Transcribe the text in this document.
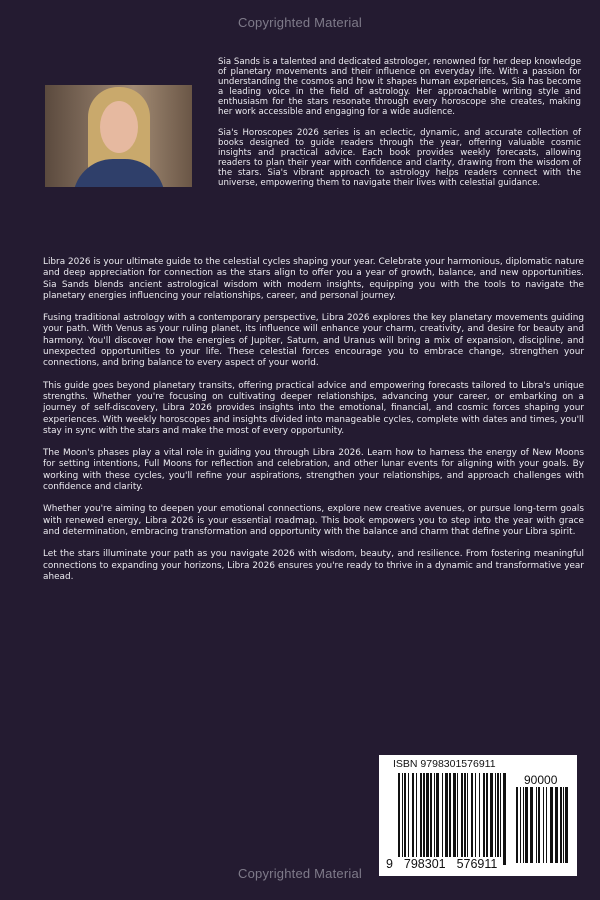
Copyrighted Material

Sia Sands is a talented and dedicated astrologer, renowned for her deep knowledge of planetary movements and their influence on everyday life. With a passion for understanding the cosmos and how it shapes human experiences, Sia has become a leading voice in the field of astrology. Her approachable writing style and enthusiasm for the stars resonate through every horoscope she creates, making her work accessible and engaging for a wide audience.

Sia's Horoscopes 2026 series is an eclectic, dynamic, and accurate collection of books designed to guide readers through the year, offering valuable cosmic insights and practical advice. Each book provides weekly forecasts, allowing readers to plan their year with confidence and clarity, drawing from the wisdom of the stars. Sia's vibrant approach to astrology helps readers connect with the universe, empowering them to navigate their lives with celestial guidance.

Libra 2026 is your ultimate guide to the celestial cycles shaping your year. Celebrate your harmonious, diplomatic nature and deep appreciation for connection as the stars align to offer you a year of growth, balance, and new opportunities. Sia Sands blends ancient astrological wisdom with modern insights, equipping you with the tools to navigate the planetary energies influencing your relationships, career, and personal journey.

Fusing traditional astrology with a contemporary perspective, Libra 2026 explores the key planetary movements guiding your path. With Venus as your ruling planet, its influence will enhance your charm, creativity, and desire for beauty and harmony. You'll discover how the energies of Jupiter, Saturn, and Uranus will bring a mix of expansion, discipline, and unexpected opportunities to your life. These celestial forces encourage you to embrace change, strengthen your connections, and bring balance to every aspect of your world.

This guide goes beyond planetary transits, offering practical advice and empowering forecasts tailored to Libra's unique strengths. Whether you're focusing on cultivating deeper relationships, advancing your career, or embarking on a journey of self-discovery, Libra 2026 provides insights into the emotional, financial, and cosmic forces shaping your experiences. With weekly horoscopes and insights divided into manageable cycles, complete with dates and times, you'll stay in sync with the stars and make the most of every opportunity.

The Moon's phases play a vital role in guiding you through Libra 2026. Learn how to harness the energy of New Moons for setting intentions, Full Moons for reflection and celebration, and other lunar events for aligning with your goals. By working with these cycles, you'll refine your aspirations, strengthen your relationships, and approach challenges with confidence and clarity.

Whether you're aiming to deepen your emotional connections, explore new creative avenues, or pursue long-term goals with renewed energy, Libra 2026 is your essential roadmap. This book empowers you to step into the year with grace and determination, embracing transformation and opportunity with the balance and charm that define your Libra spirit.

Let the stars illuminate your path as you navigate 2026 with wisdom, beauty, and resilience. From fostering meaningful connections to expanding your horizons, Libra 2026 ensures you're ready to thrive in a dynamic and transformative year ahead.

ISBN 9798301576911
90000
9 798301 576911
Copyrighted Material
